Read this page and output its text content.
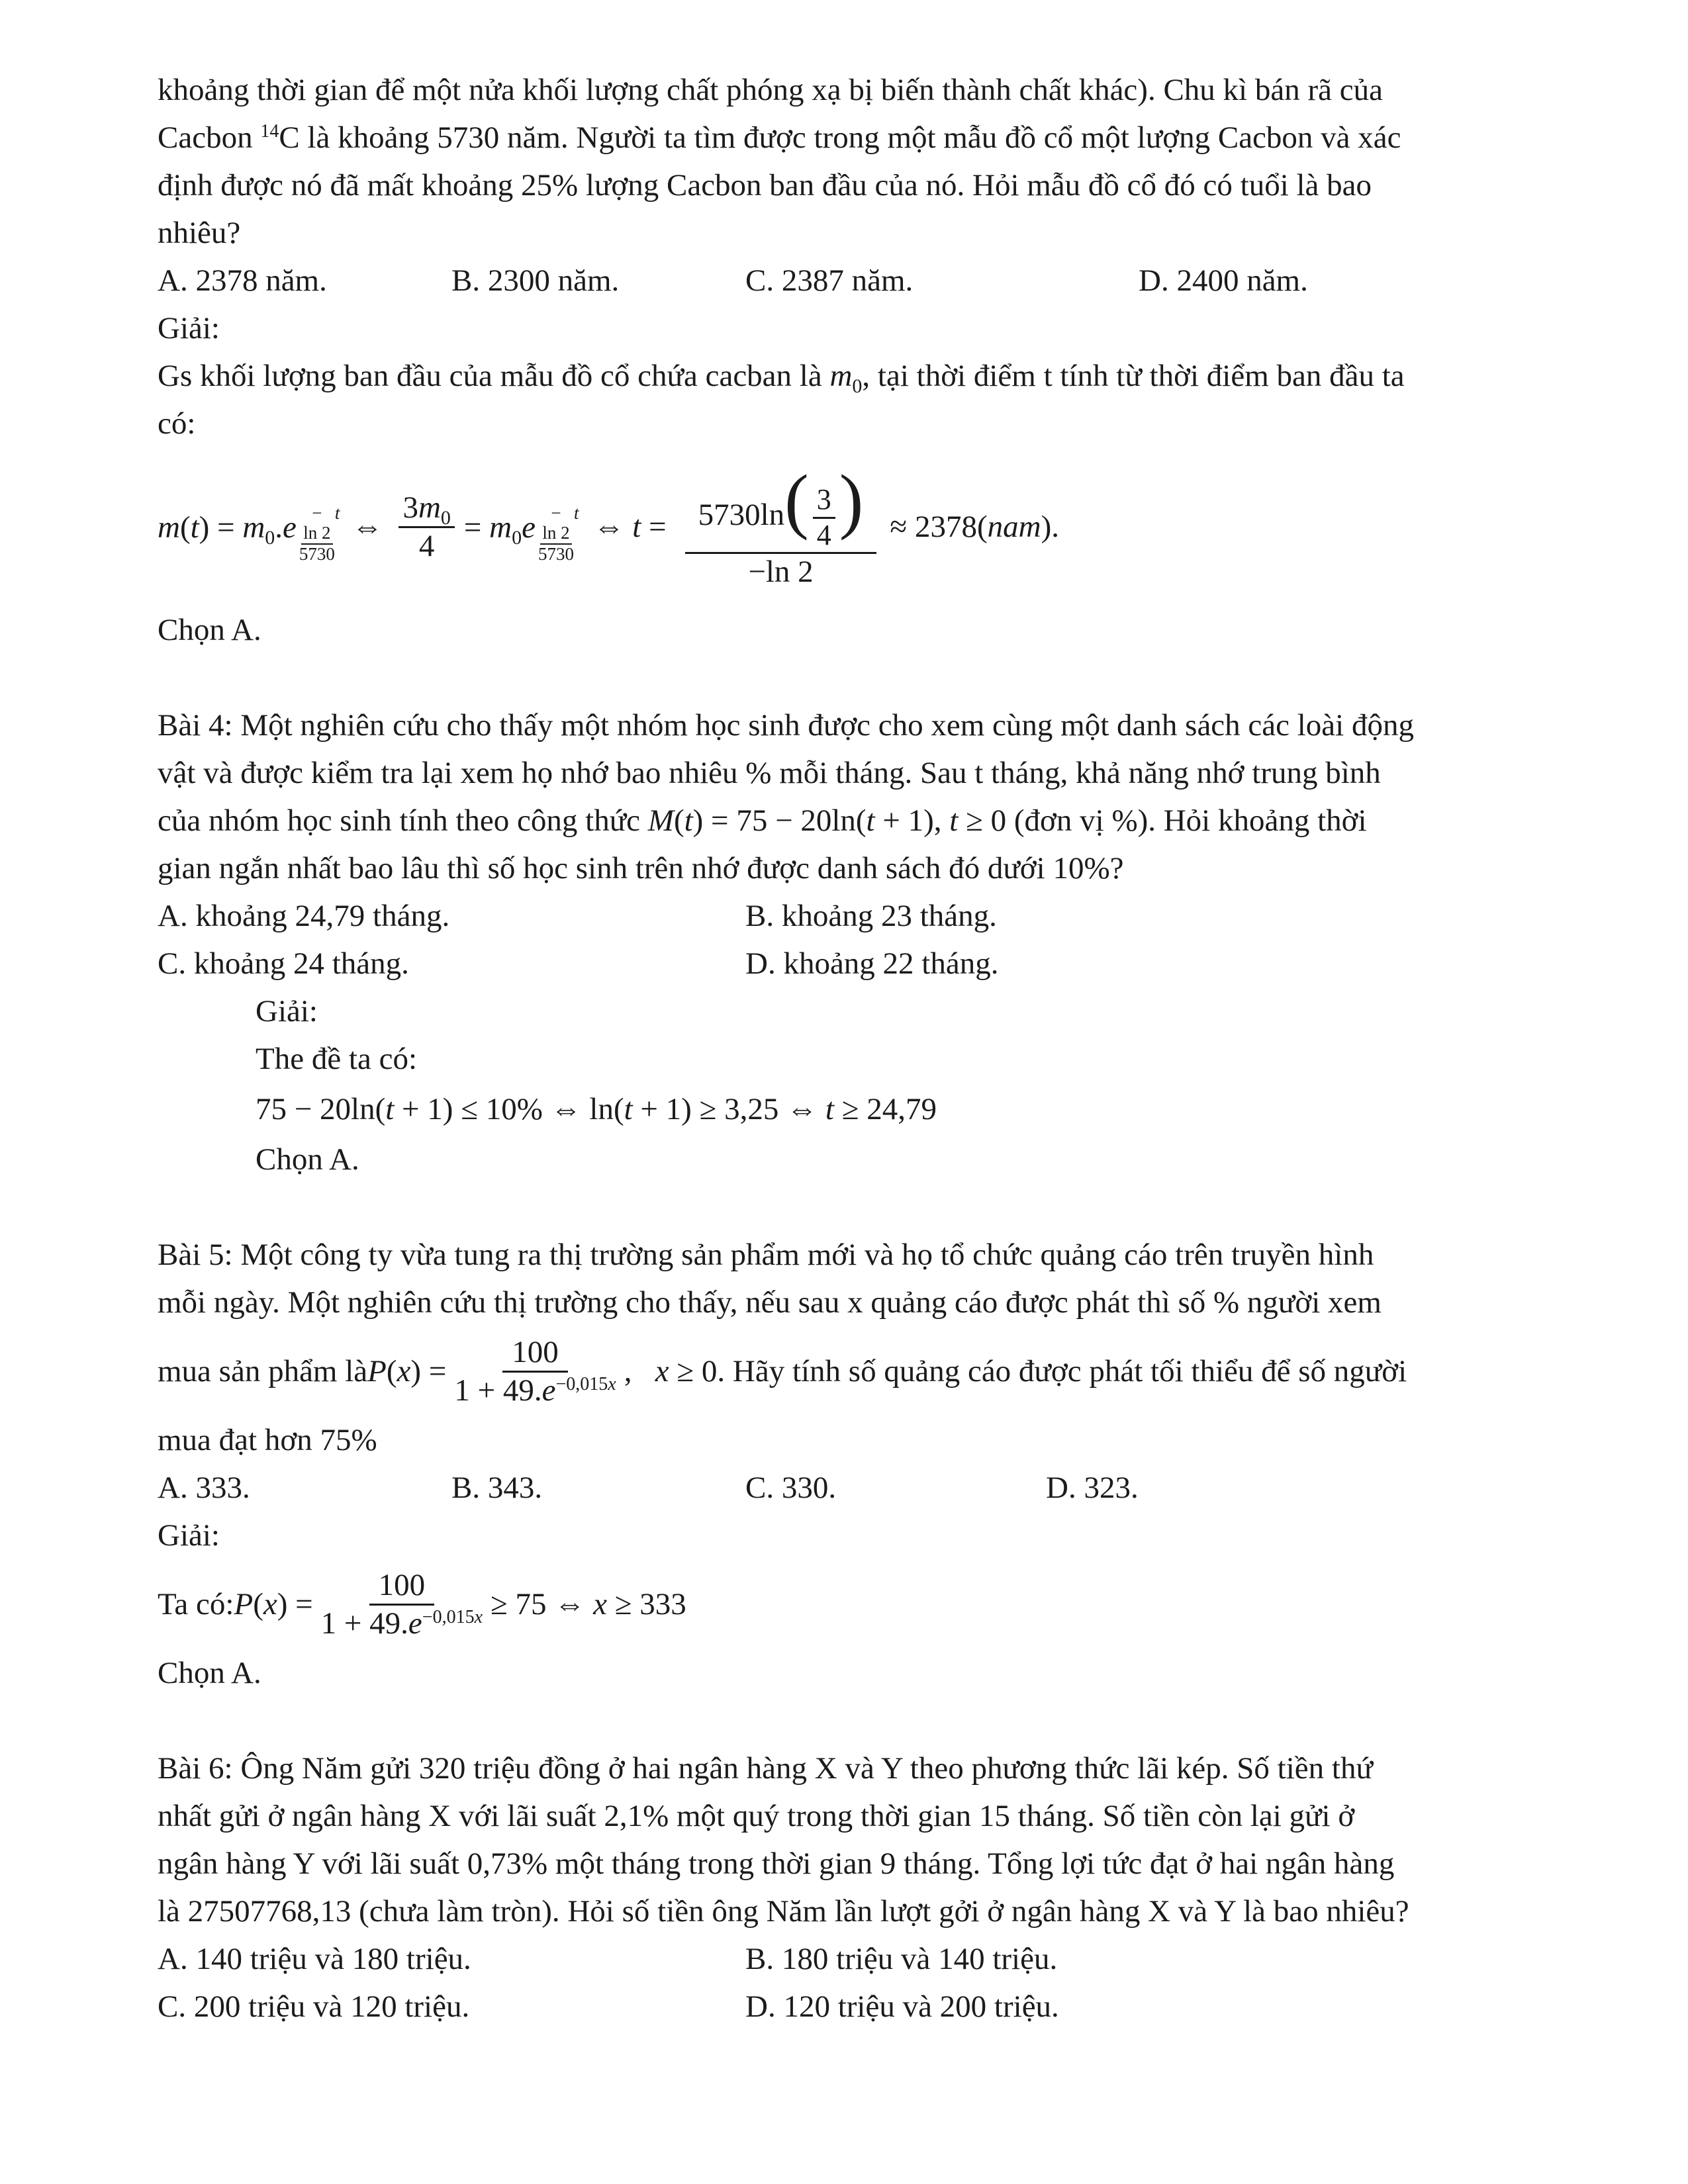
khoảng thời gian để một nửa khối lượng chất phóng xạ bị biến thành chất khác). Chu kì bán rã của

Cacbon $^{14}$C là khoảng 5730 năm. Người ta tìm được trong một mẫu đồ cổ một lượng Cacbon và xác

định được nó đã mất khoảng 25% lượng Cacbon ban đầu của nó. Hỏi mẫu đồ cổ đó có tuổi là bao

nhiêu?

A. 2378 năm.	B. 2300 năm.	C. 2387 năm.	D. 2400 năm.

Giải:

Gs khối lượng ban đầu của mẫu đồ cổ chứa cacban là $m_0$, tại thời điểm t tính từ thời điểm ban đầu ta

có:

$m(t) = m_0.e$ −
ln 2
5730
$^t$ ⇔ $\frac{3m_0}{4} = m_0e$ −
ln 2
5730
$^t$ ⇔ $t = \frac{5730\ln( \frac{3}{4} )}{-\ln 2} \approx 2378(nam)$.

Chọn A.

Bài 4: Một nghiên cứu cho thấy một nhóm học sinh được cho xem cùng một danh sách các loài động

vật và được kiểm tra lại xem họ nhớ bao nhiêu % mỗi tháng. Sau t tháng, khả năng nhớ trung bình

của nhóm học sinh tính theo công thức M(t) = 75 − 20ln(t + 1), t ≥ 0 (đơn vị %). Hỏi khoảng thời

gian ngắn nhất bao lâu thì số học sinh trên nhớ được danh sách đó dưới 10%?

A. khoảng 24,79 tháng.	B. khoảng 23 tháng.
C. khoảng 24 tháng.	D. khoảng 22 tháng.

Giải:

The đề ta có:

75 − 20ln(t + 1) ≤ 10% ⇔ ln(t + 1) ≥ 3,25 ⇔ t ≥ 24,79

Chọn A.

Bài 5: Một công ty vừa tung ra thị trường sản phẩm mới và họ tổ chức quảng cáo trên truyền hình

mỗi ngày. Một nghiên cứu thị trường cho thấy, nếu sau x quảng cáo được phát thì số % người xem

mua sản phẩm là $P(x) = \frac{100}{1 + 49.e^{-0,015x}}$ ,   x ≥ 0 . Hãy tính số quảng cáo được phát tối thiểu để số người

mua đạt hơn 75%

A. 333.	B. 343.	C. 330.	D. 323.

Giải:

Ta có: $P(x) = \frac{100}{1 + 49.e^{-0,015x}} \ge 75$ ⇔ x ≥ 333

Chọn A.

Bài 6: Ông Năm gửi 320 triệu đồng ở hai ngân hàng X và Y theo phương thức lãi kép. Số tiền thứ

nhất gửi ở ngân hàng X với lãi suất 2,1% một quý trong thời gian 15 tháng. Số tiền còn lại gửi ở

ngân hàng Y với lãi suất 0,73% một tháng trong thời gian 9 tháng. Tổng lợi tức đạt ở hai ngân hàng

là 27507768,13 (chưa làm tròn). Hỏi số tiền ông Năm lần lượt gởi ở ngân hàng X và Y là bao nhiêu?

A. 140 triệu và 180 triệu.	B. 180 triệu và 140 triệu.
C. 200 triệu và 120 triệu.	D. 120 triệu và 200 triệu.
